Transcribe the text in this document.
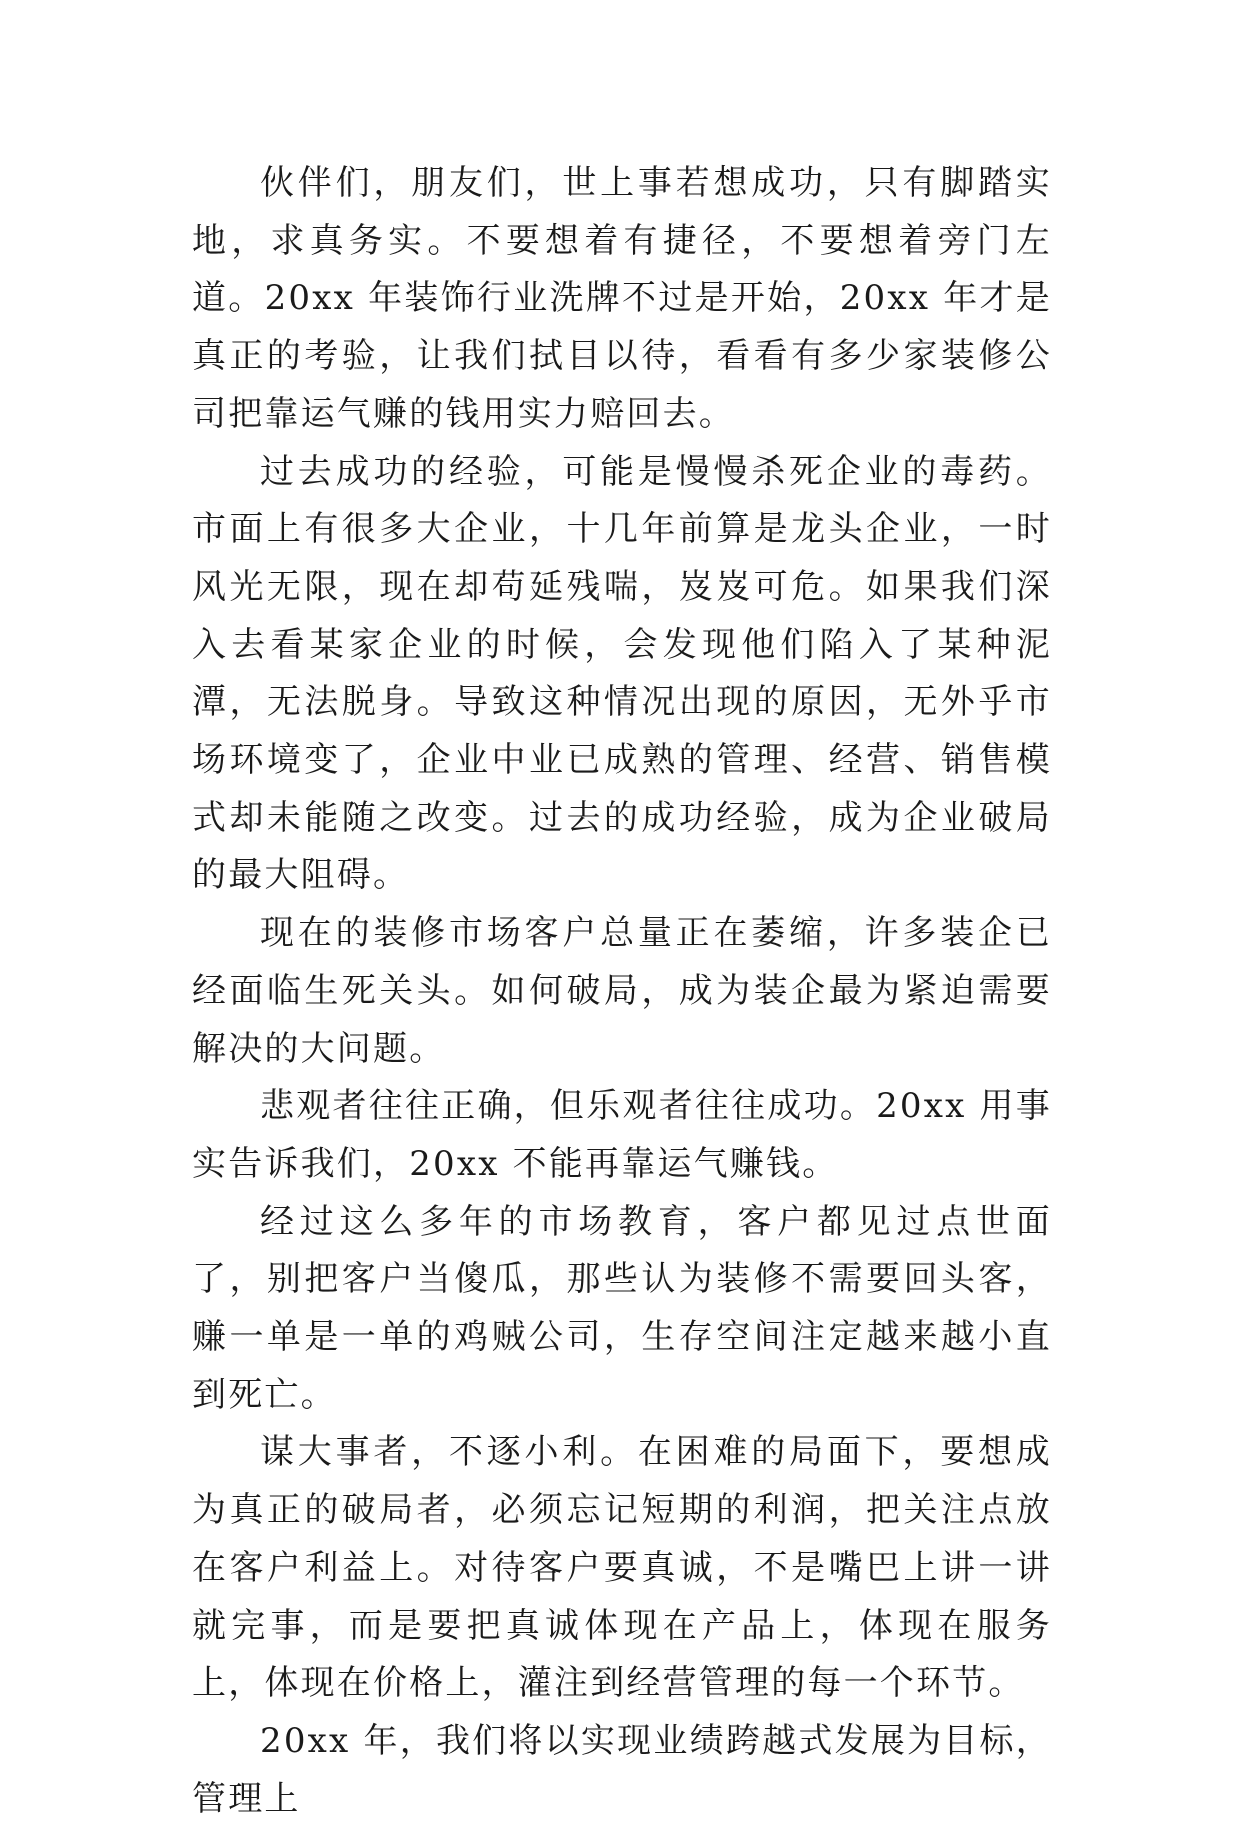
伙伴们，朋友们，世上事若想成功，只有脚踏实地，求真务实。不要想着有捷径，不要想着旁门左道。20xx 年装饰行业洗牌不过是开始，20xx 年才是真正的考验，让我们拭目以待，看看有多少家装修公司把靠运气赚的钱用实力赔回去。

过去成功的经验，可能是慢慢杀死企业的毒药。市面上有很多大企业，十几年前算是龙头企业，一时风光无限，现在却苟延残喘，岌岌可危。如果我们深入去看某家企业的时候，会发现他们陷入了某种泥潭，无法脱身。导致这种情况出现的原因，无外乎市场环境变了，企业中业已成熟的管理、经营、销售模式却未能随之改变。过去的成功经验，成为企业破局的最大阻碍。

现在的装修市场客户总量正在萎缩，许多装企已经面临生死关头。如何破局，成为装企最为紧迫需要解决的大问题。

悲观者往往正确，但乐观者往往成功。20xx 用事实告诉我们，20xx 不能再靠运气赚钱。

经过这么多年的市场教育，客户都见过点世面了，别把客户当傻瓜，那些认为装修不需要回头客，赚一单是一单的鸡贼公司，生存空间注定越来越小直到死亡。

谋大事者，不逐小利。在困难的局面下，要想成为真正的破局者，必须忘记短期的利润，把关注点放在客户利益上。对待客户要真诚，不是嘴巴上讲一讲就完事，而是要把真诚体现在产品上，体现在服务上，体现在价格上，灌注到经营管理的每一个环节。

20xx 年，我们将以实现业绩跨越式发展为目标，管理上
